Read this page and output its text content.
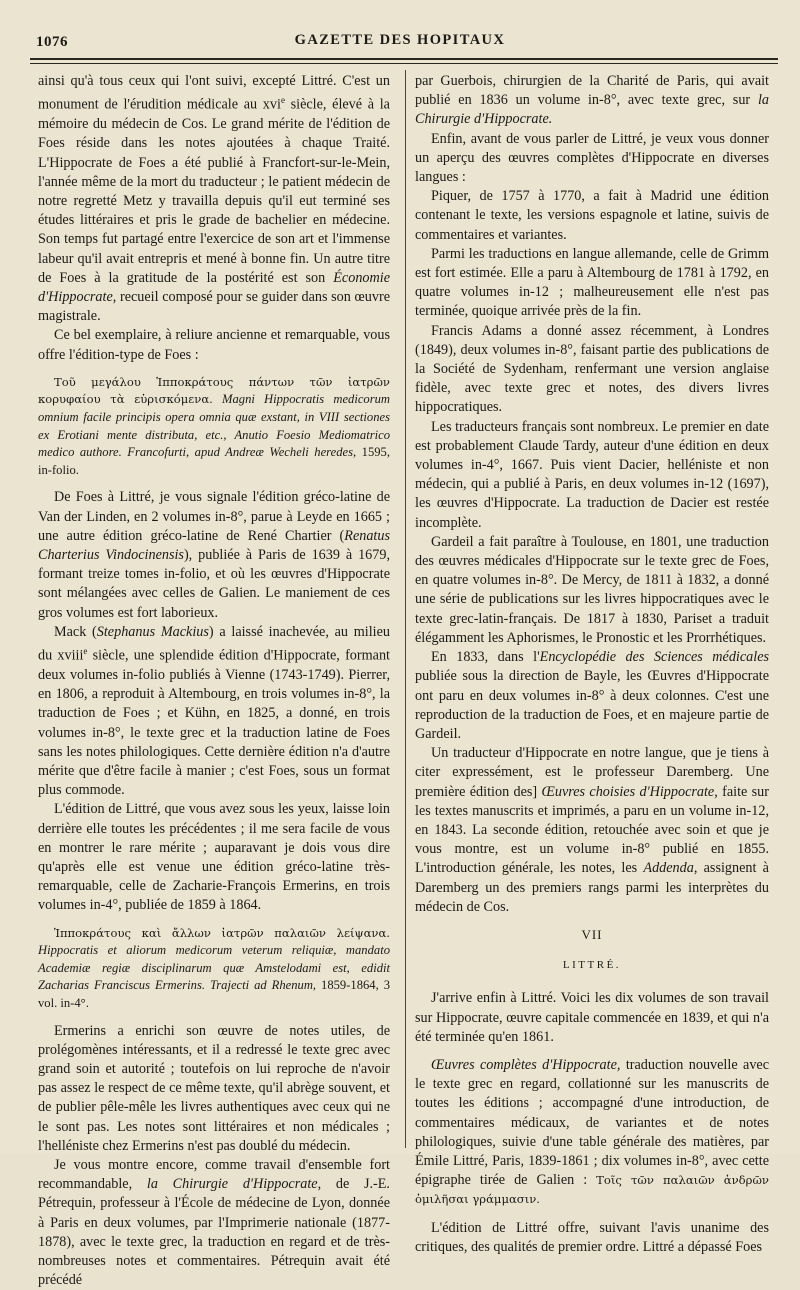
1076	GAZETTE DES HOPITAUX

ainsi qu'à tous ceux qui l'ont suivi, excepté Littré. C'est un monument de l'érudition médicale au xvi$^e$ siècle, élevé à la mémoire du médecin de Cos. Le grand mérite de l'édition de Foes réside dans les notes ajoutées à chaque Traité. L'Hippocrate de Foes a été publié à Francfort-sur-le-Mein, l'année même de la mort du traducteur ; le patient médecin de notre regretté Metz y travailla depuis qu'il eut terminé ses études littéraires et pris le grade de bachelier en médecine. Son temps fut partagé entre l'exercice de son art et l'immense labeur qu'il avait entrepris et mené à bonne fin. Un autre titre de Foes à la gratitude de la postérité est son Économie d'Hippocrate, recueil composé pour se guider dans son œuvre magistrale.

Ce bel exemplaire, à reliure ancienne et remarquable, vous offre l'édition-type de Foes :

Τοῦ μεγάλου Ἱπποκράτους πάντων τῶν ἰατρῶν κορυφαίου τὰ εὑρισκόμενα. Magni Hippocratis medicorum omnium facile principis opera omnia quæ exstant, in VIII sectiones ex Erotiani mente distributa, etc., Anutio Foesio Mediomatrico medico authore. Francofurti, apud Andreæ Wecheli heredes, 1595, in-folio.

De Foes à Littré, je vous signale l'édition gréco-latine de Van der Linden, en 2 volumes in-8°, parue à Leyde en 1665 ; une autre édition gréco-latine de René Chartier (Renatus Charterius Vindocinensis), publiée à Paris de 1639 à 1679, formant treize tomes in-folio, et où les œuvres d'Hippocrate sont mélangées avec celles de Galien. Le maniement de ces gros volumes est fort laborieux.

Mack (Stephanus Mackius) a laissé inachevée, au milieu du xviii$^e$ siècle, une splendide édition d'Hippocrate, formant deux volumes in-folio publiés à Vienne (1743-1749). Pierrer, en 1806, a reproduit à Altembourg, en trois volumes in-8°, la traduction de Foes ; et Kühn, en 1825, a donné, en trois volumes in-8°, le texte grec et la traduction latine de Foes sans les notes philologiques. Cette dernière édition n'a d'autre mérite que d'être facile à manier ; c'est Foes, sous un format plus commode.

L'édition de Littré, que vous avez sous les yeux, laisse loin derrière elle toutes les précédentes ; il me sera facile de vous en montrer le rare mérite ; auparavant je dois vous dire qu'après elle est venue une édition gréco-latine très-remarquable, celle de Zacharie-François Ermerins, en trois volumes in-4°, publiée de 1859 à 1864.

Ἱπποκράτους καὶ ἄλλων ἰατρῶν παλαιῶν λείψανα. Hippocratis et aliorum medicorum veterum reliquiæ, mandato Academiæ regiæ disciplinarum quæ Amstelodami est, edidit Zacharias Franciscus Ermerins. Trajecti ad Rhenum, 1859-1864, 3 vol. in-4°.

Ermerins a enrichi son œuvre de notes utiles, de prolégomènes intéressants, et il a redressé le texte grec avec grand soin et autorité ; toutefois on lui reproche de n'avoir pas assez le respect de ce même texte, qu'il abrège souvent, et de publier pêle-mêle les livres authentiques avec ceux qui ne le sont pas. Les notes sont littéraires et non médicales ; l'helléniste chez Ermerins n'est pas doublé du médecin.

Je vous montre encore, comme travail d'ensemble fort recommandable, la Chirurgie d'Hippocrate, de J.-E. Pétrequin, professeur à l'École de médecine de Lyon, donnée à Paris en deux volumes, par l'Imprimerie nationale (1877-1878), avec le texte grec, la traduction en regard et de très-nombreuses notes et commentaires. Pétrequin avait été précédé

par Guerbois, chirurgien de la Charité de Paris, qui avait publié en 1836 un volume in-8°, avec texte grec, sur la Chirurgie d'Hippocrate.

Enfin, avant de vous parler de Littré, je veux vous donner un aperçu des œuvres complètes d'Hippocrate en diverses langues :

Piquer, de 1757 à 1770, a fait à Madrid une édition contenant le texte, les versions espagnole et latine, suivis de commentaires et variantes.

Parmi les traductions en langue allemande, celle de Grimm est fort estimée. Elle a paru à Altembourg de 1781 à 1792, en quatre volumes in-12 ; malheureusement elle n'est pas terminée, quoique arrivée près de la fin.

Francis Adams a donné assez récemment, à Londres (1849), deux volumes in-8°, faisant partie des publications de la Société de Sydenham, renfermant une version anglaise fidèle, avec texte grec et notes, des divers livres hippocratiques.

Les traducteurs français sont nombreux. Le premier en date est probablement Claude Tardy, auteur d'une édition en deux volumes in-4°, 1667. Puis vient Dacier, helléniste et non médecin, qui a publié à Paris, en deux volumes in-12 (1697), les œuvres d'Hippocrate. La traduction de Dacier est restée incomplète.

Gardeil a fait paraître à Toulouse, en 1801, une traduction des œuvres médicales d'Hippocrate sur le texte grec de Foes, en quatre volumes in-8°. De Mercy, de 1811 à 1832, a donné une série de publications sur les livres hippocratiques avec le texte grec-latin-français. De 1817 à 1830, Pariset a traduit élégamment les Aphorismes, le Pronostic et les Prorrhétiques.

En 1833, dans l'Encyclopédie des Sciences médicales publiée sous la direction de Bayle, les Œuvres d'Hippocrate ont paru en deux volumes in-8° à deux colonnes. C'est une reproduction de la traduction de Foes, et en majeure partie de Gardeil.

Un traducteur d'Hippocrate en notre langue, que je tiens à citer expressément, est le professeur Daremberg. Une première édition des] Œuvres choisies d'Hippocrate, faite sur les textes manuscrits et imprimés, a paru en un volume in-12, en 1843. La seconde édition, retouchée avec soin et que je vous montre, est un volume in-8° publié en 1855. L'introduction générale, les notes, les Addenda, assignent à Daremberg un des premiers rangs parmi les interprètes du médecin de Cos.

VII

LITTRÉ.

J'arrive enfin à Littré. Voici les dix volumes de son travail sur Hippocrate, œuvre capitale commencée en 1839, et qui n'a été terminée qu'en 1861.

Œuvres complètes d'Hippocrate, traduction nouvelle avec le texte grec en regard, collationné sur les manuscrits de toutes les éditions ; accompagné d'une introduction, de commentaires médicaux, de variantes et de notes philologiques, suivie d'une table générale des matières, par Émile Littré, Paris, 1839-1861 ; dix volumes in-8°, avec cette épigraphe tirée de Galien : Τοῖς τῶν παλαιῶν ἀνδρῶν ὁμιλῆσαι γράμμασιν.

L'édition de Littré offre, suivant l'avis unanime des critiques, des qualités de premier ordre. Littré a dépassé Foes
